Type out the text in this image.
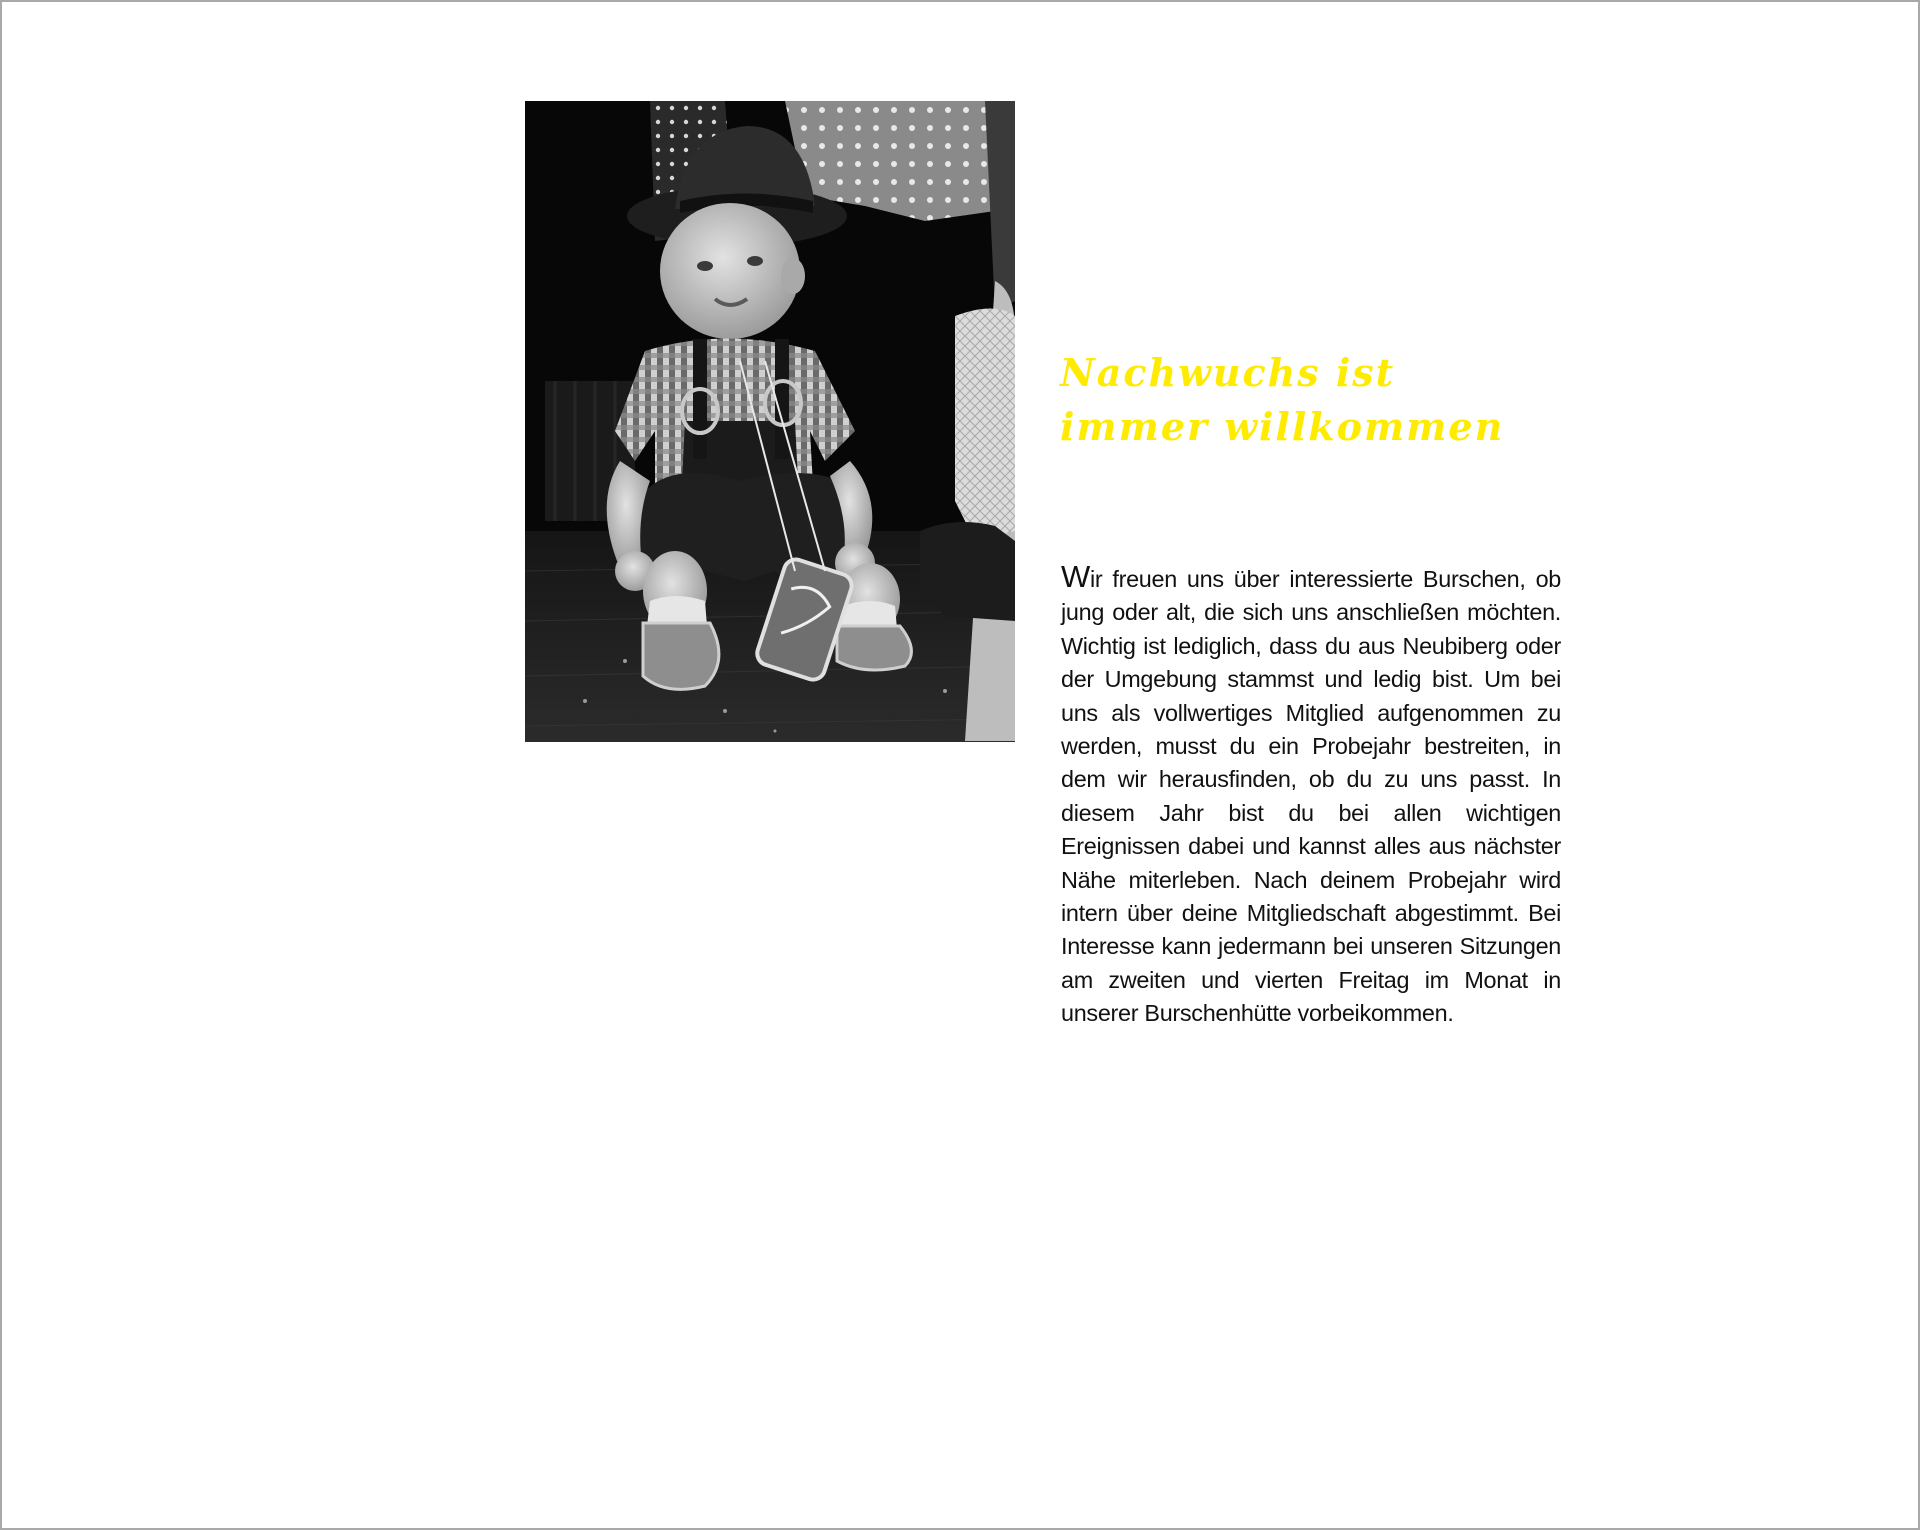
Nachwuchs ist immer willkommen

Wir freuen uns über interessierte Burschen, ob jung oder alt, die sich uns anschließen möchten. Wichtig ist lediglich, dass du aus Neubiberg oder der Umgebung stammst und ledig bist. Um bei uns als vollwertiges Mitglied aufgenommen zu werden, musst du ein Probejahr bestreiten, in dem wir herausfinden, ob du zu uns passt. In diesem Jahr bist du bei allen wichtigen Ereignissen dabei und kannst alles aus nächster Nähe miterleben. Nach deinem Probejahr wird intern über deine Mitgliedschaft abgestimmt. Bei Interesse kann jedermann bei unseren Sitzungen am zweiten und vierten Freitag im Monat in unserer Burschenhütte vorbeikommen.
